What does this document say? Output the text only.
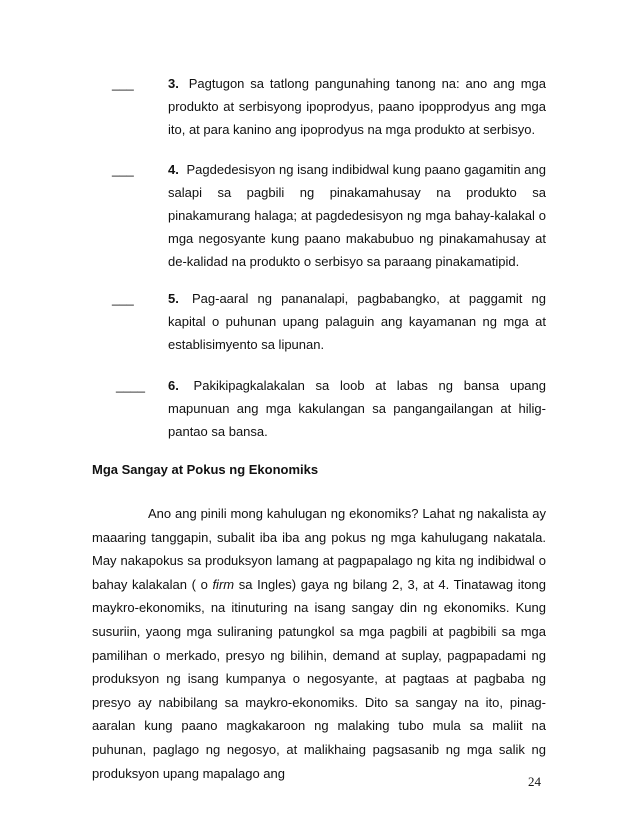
___	3. Pagtugon sa tatlong pangunahing tanong na: ano ang mga produkto at serbisyong ipoprodyus, paano ipopprodyus ang mga ito, at para kanino ang ipoprodyus na mga produkto at serbisyo.
___	4. Pagdedesisyon ng isang indibidwal kung paano gagamitin ang salapi sa pagbili ng pinakamahusay na produkto sa pinakamurang halaga; at pagdedesisyon ng mga bahay-kalakal o mga negosyante kung paano makabubuo ng pinakamahusay at de-kalidad na produkto o serbisyo sa paraang pinakamatipid.
___	5. Pag-aaral ng pananalapi, pagbabangko, at paggamit ng kapital o puhunan upang palaguin ang kayamanan ng mga at establisimyento sa lipunan.
____ 6. Pakikipagkalakalan sa loob at labas ng bansa upang mapunuan ang mga kakulangan sa pangangailangan at hilig-pantao sa bansa.
Mga Sangay at Pokus ng Ekonomiks
Ano ang pinili mong kahulugan ng ekonomiks? Lahat ng nakalista ay maaaring tanggapin, subalit iba iba ang pokus ng mga kahulugang nakatala. May nakapokus sa produksyon lamang at pagpapalago ng kita ng indibidwal o bahay kalakalan ( o firm sa Ingles) gaya ng bilang 2, 3, at 4. Tinatawag itong maykro-ekonomiks, na itinuturing na isang sangay din ng ekonomiks. Kung susuriin, yaong mga suliraning patungkol sa mga pagbili at pagbibili sa mga pamilihan o merkado, presyo ng bilihin, demand at suplay, pagpapadami ng produksyon ng isang kumpanya o negosyante, at pagtaas at pagbaba ng presyo ay nabibilang sa maykro-ekonomiks. Dito sa sangay na ito, pinag-aaralan kung paano magkakaroon ng malaking tubo mula sa maliit na puhunan, paglago ng negosyo, at malikhaing pagsasanib ng mga salik ng produksyon upang mapalago ang
24
